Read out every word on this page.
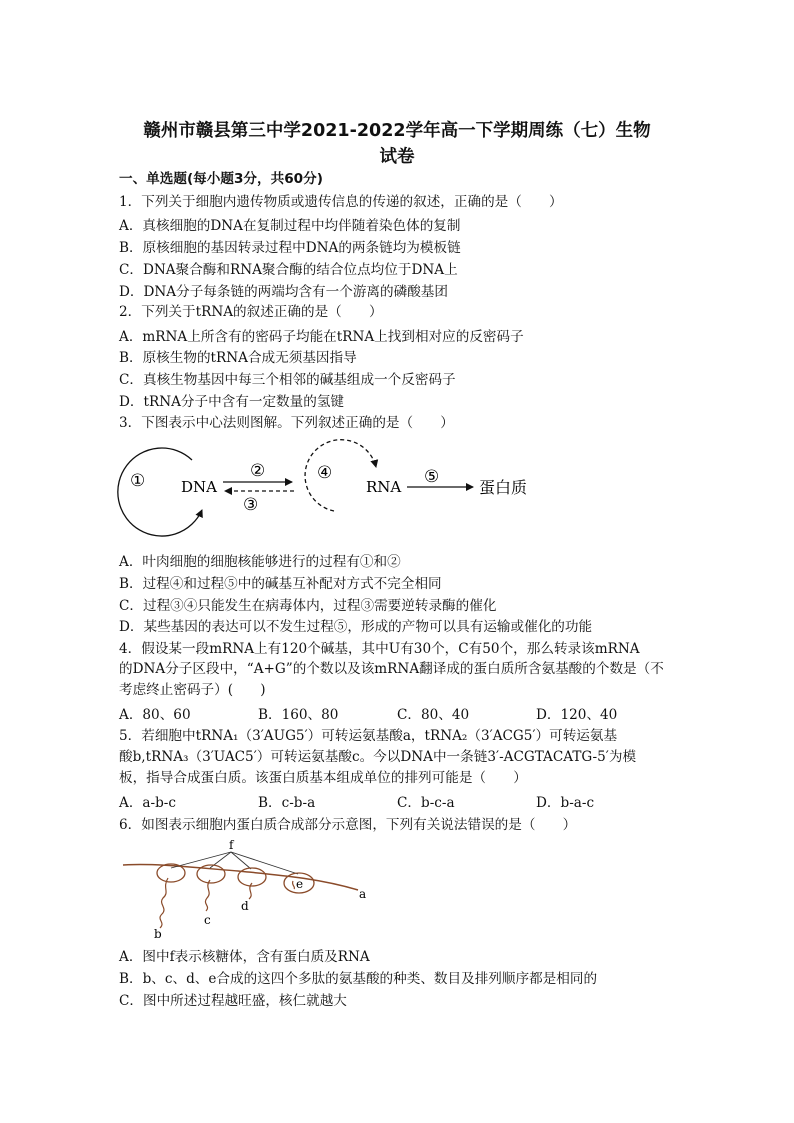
赣州市赣县第三中学2021-2022学年高一下学期周练（七）生物
试卷
一、单选题(每小题3分，共60分)
1．下列关于细胞内遗传物质或遗传信息的传递的叙述，正确的是（　　）
A．真核细胞的DNA在复制过程中均伴随着染色体的复制
B．原核细胞的基因转录过程中DNA的两条链均为模板链
C．DNA聚合酶和RNA聚合酶的结合位点均位于DNA上
D．DNA分子每条链的两端均含有一个游离的磷酸基团
2．下列关于tRNA的叙述正确的是（　　）
A．mRNA上所含有的密码子均能在tRNA上找到相对应的反密码子
B．原核生物的tRNA合成无须基因指导
C．真核生物基因中每三个相邻的碱基组成一个反密码子
D．tRNA分子中含有一定数量的氢键
3．下图表示中心法则图解。下列叙述正确的是（　　）
① DNA
②
③
④
RNA ⑤
蛋白质
A．叶肉细胞的细胞核能够进行的过程有①和②
B．过程④和过程⑤中的碱基互补配对方式不完全相同
C．过程③④只能发生在病毒体内，过程③需要逆转录酶的催化
D．某些基因的表达可以不发生过程⑤，形成的产物可以具有运输或催化的功能
4．假设某一段mRNA上有120个碱基，其中U有30个，C有50个，那么转录该mRNA
的DNA分子区段中，“A+G”的个数以及该mRNA翻译成的蛋白质所含氨基酸的个数是（不
考虑终止密码子）(　　)
A．80、60	B．160、80	C．80、40	D．120、40
5．若细胞中tRNA₁（3′AUG5′）可转运氨基酸a，tRNA₂（3′ACG5′）可转运氨基
酸b,tRNA₃（3′UAC5′）可转运氨基酸c。今以DNA中一条链3′-ACGTACATG-5′为模
板，指导合成蛋白质。该蛋白质基本组成单位的排列可能是（　　）
A．a-b-c	B．c-b-a	C．b-c-a	D．b-a-c
6．如图表示细胞内蛋白质合成部分示意图，下列有关说法错误的是（　　）
f
e
d
c
b
a
A．图中f表示核糖体，含有蛋白质及RNA
B．b、c、d、e合成的这四个多肽的氨基酸的种类、数目及排列顺序都是相同的
C．图中所述过程越旺盛，核仁就越大
